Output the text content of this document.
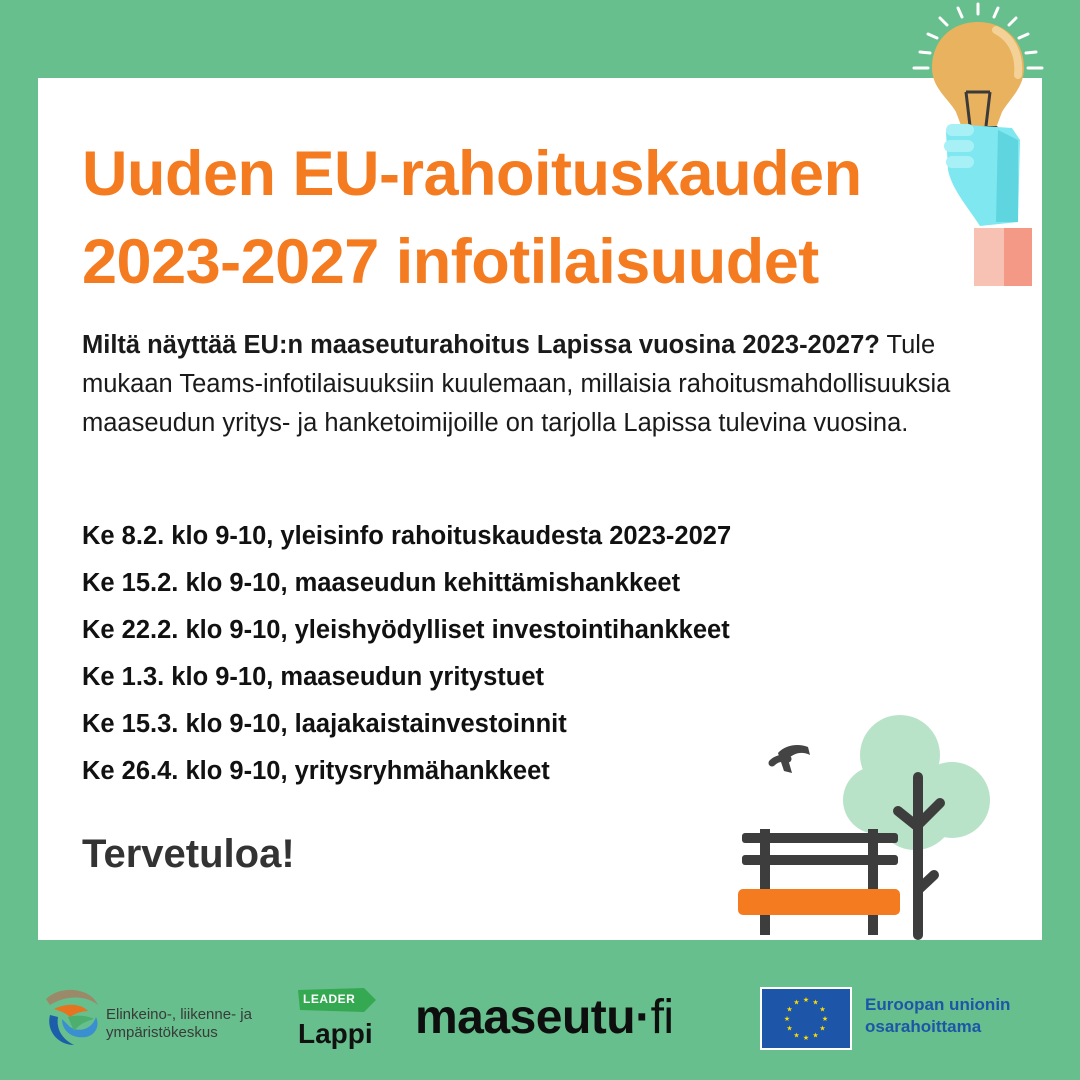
Uuden EU-rahoituskauden
2023-2027 infotilaisuudet

Miltä näyttää EU:n maaseuturahoitus Lapissa vuosina 2023-2027? Tule mukaan Teams-infotilaisuuksiin kuulemaan, millaisia rahoitusmahdollisuuksia maaseudun yritys- ja hanketoimijoille on tarjolla Lapissa tulevina vuosina.

Ke 8.2. klo 9-10, yleisinfo rahoituskaudesta 2023-2027
Ke 15.2. klo 9-10, maaseudun kehittämishankkeet
Ke 22.2. klo 9-10, yleishyödylliset investointihankkeet
Ke 1.3. klo 9-10, maaseudun yritystuet
Ke 15.3. klo 9-10, laajakaistainvestoinnit
Ke 26.4. klo 9-10, yritysryhmähankkeet

Tervetuloa!

Elinkeino-, liikenne- ja
ympäristökeskus
LEADER
Lappi maaseutu·fi	★ ★
★
★
★
★
★
★
★
★
★
★	Euroopan unionin
osarahoittama
